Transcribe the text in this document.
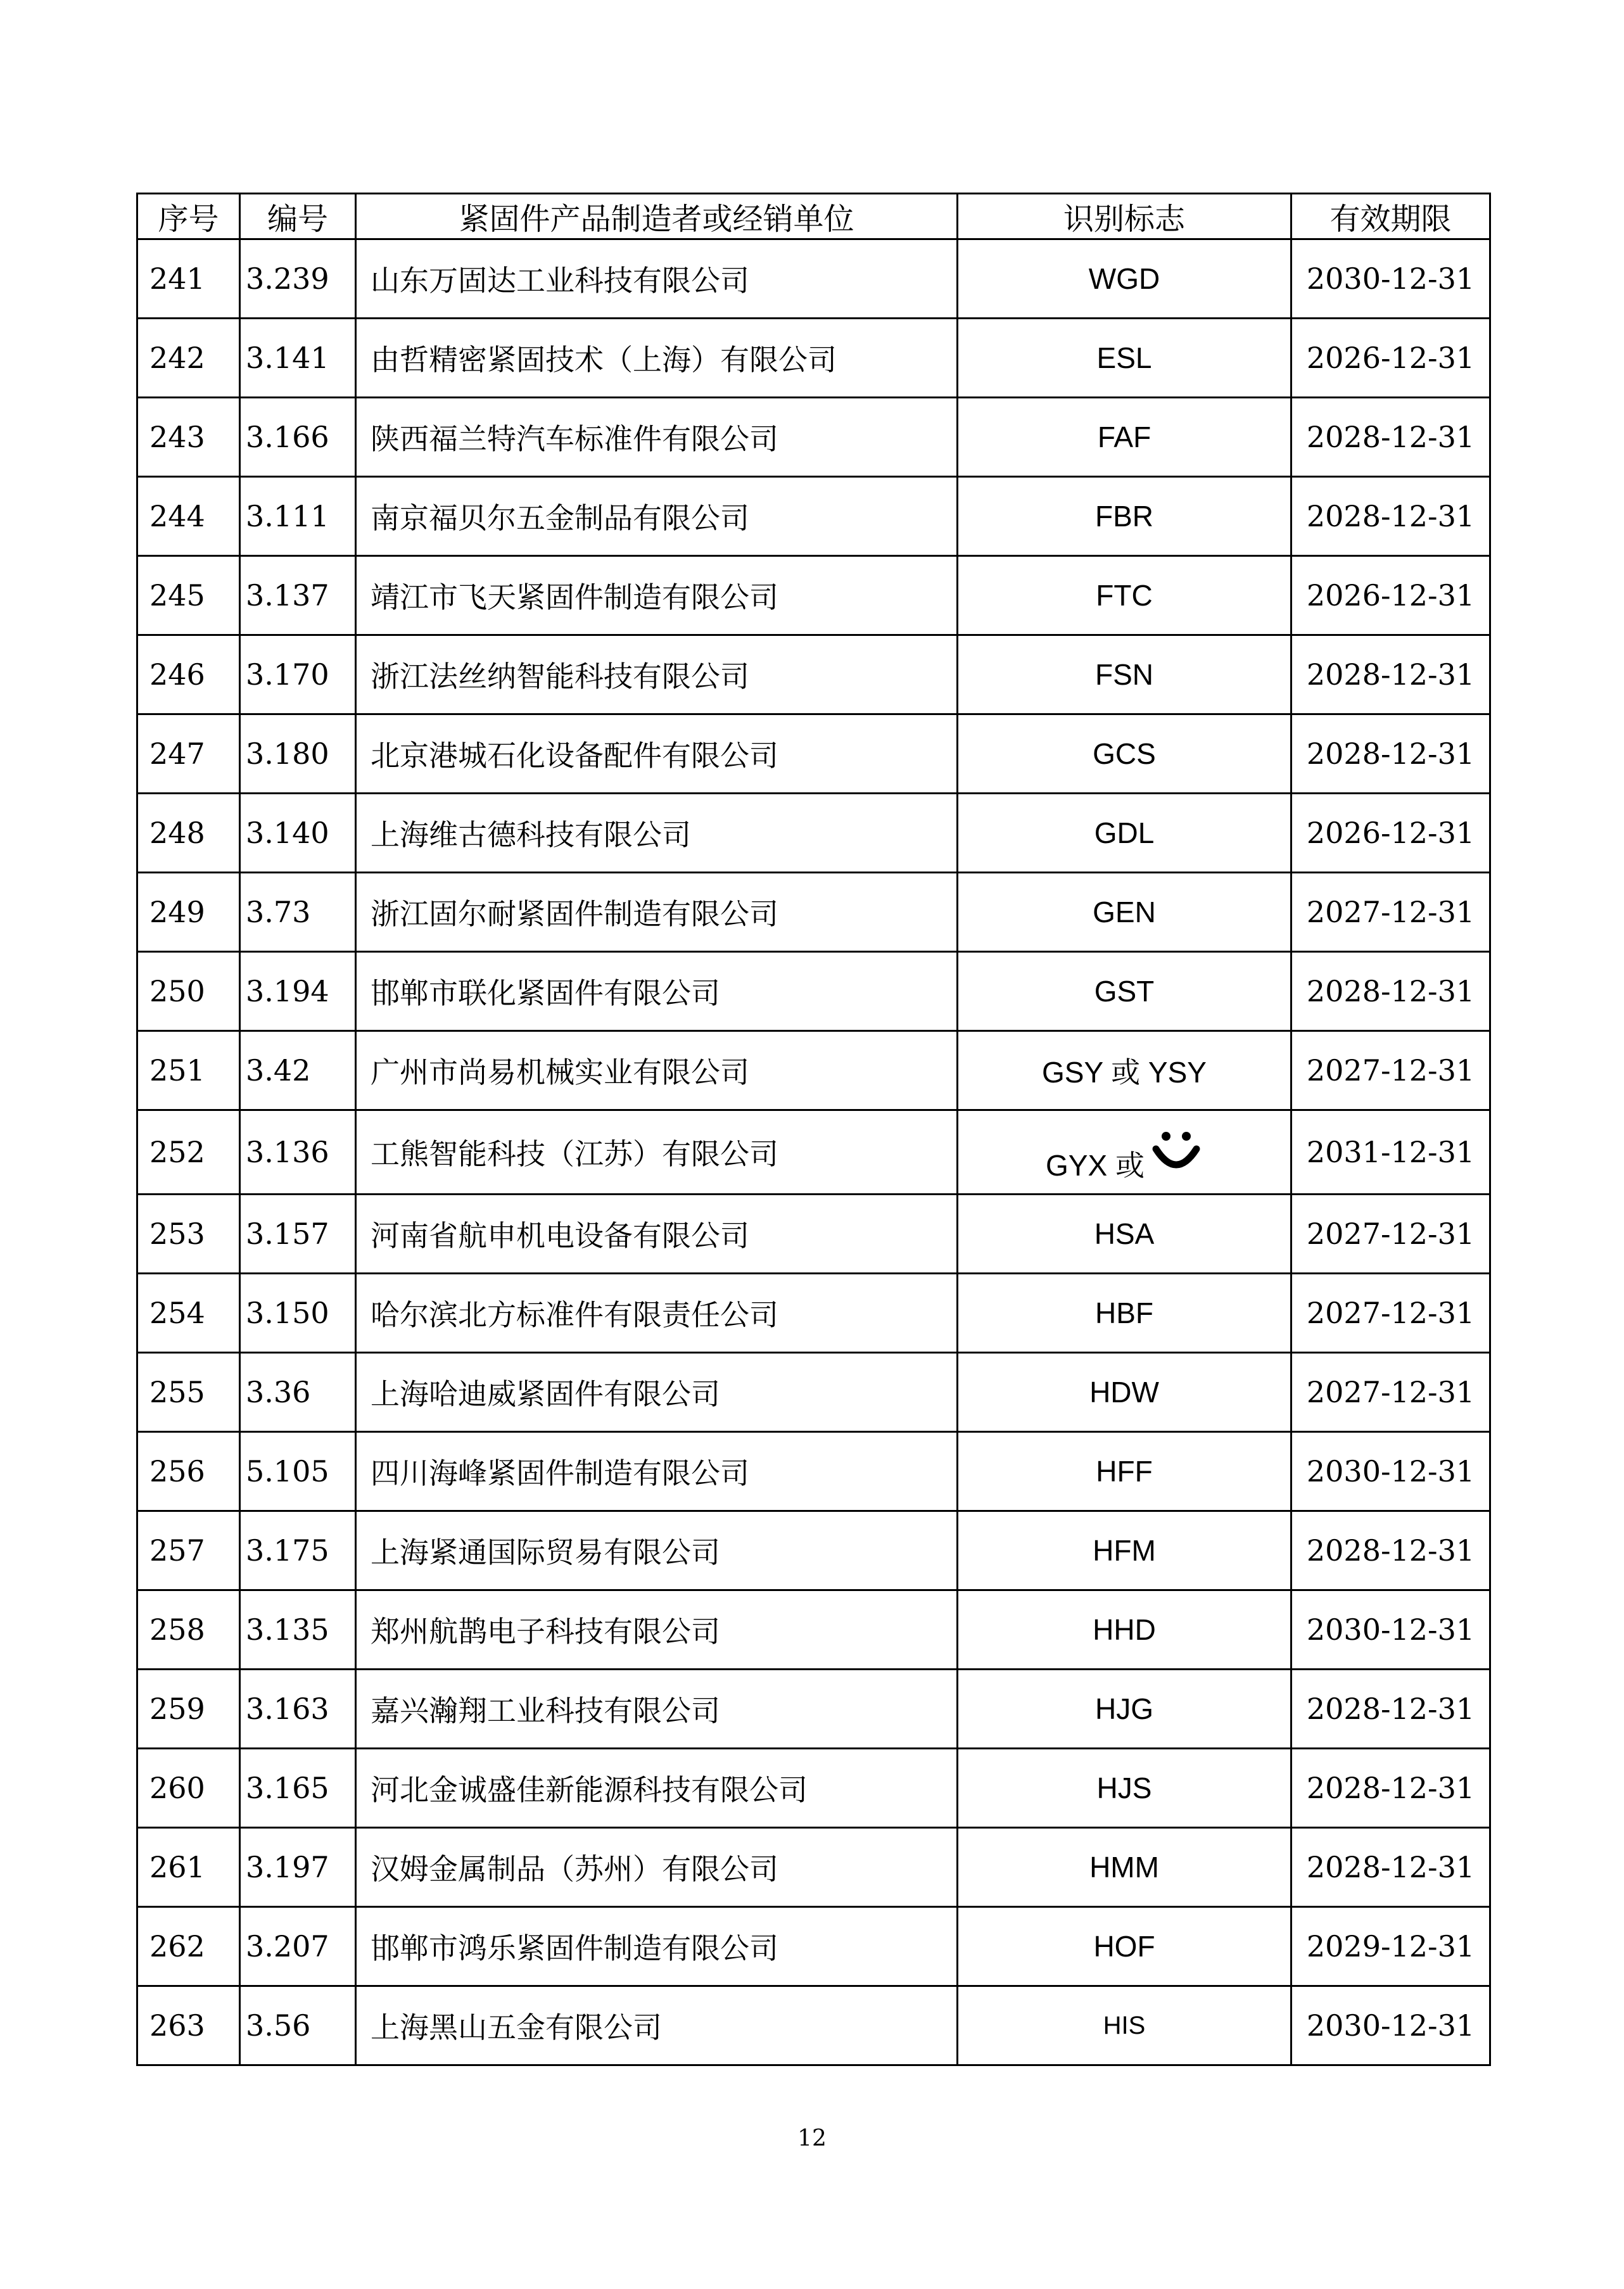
序号	编号	紧固件产品制造者或经销单位	识别标志	有效期限
241	3.239	山东万固达工业科技有限公司	WGD	2030-12-31
242	3.141	由哲精密紧固技术（上海）有限公司	ESL	2026-12-31
243	3.166	陕西福兰特汽车标准件有限公司	FAF	2028-12-31
244	3.111	南京福贝尔五金制品有限公司	FBR	2028-12-31
245	3.137	靖江市飞天紧固件制造有限公司	FTC	2026-12-31
246	3.170	浙江法丝纳智能科技有限公司	FSN	2028-12-31
247	3.180	北京港城石化设备配件有限公司	GCS	2028-12-31
248	3.140	上海维古德科技有限公司	GDL	2026-12-31
249	3.73	浙江固尔耐紧固件制造有限公司	GEN	2027-12-31
250	3.194	邯郸市联化紧固件有限公司	GST	2028-12-31
251	3.42	广州市尚易机械实业有限公司	GSY 或 YSY	2027-12-31
252	3.136	工熊智能科技（江苏）有限公司	GYX 或	2031-12-31
253	3.157	河南省航申机电设备有限公司	HSA	2027-12-31
254	3.150	哈尔滨北方标准件有限责任公司	HBF	2027-12-31
255	3.36	上海哈迪威紧固件有限公司	HDW	2027-12-31
256	5.105	四川海峰紧固件制造有限公司	HFF	2030-12-31
257	3.175	上海紧通国际贸易有限公司	HFM	2028-12-31
258	3.135	郑州航鹊电子科技有限公司	HHD	2030-12-31
259	3.163	嘉兴瀚翔工业科技有限公司	HJG	2028-12-31
260	3.165	河北金诚盛佳新能源科技有限公司	HJS	2028-12-31
261	3.197	汉姆金属制品（苏州）有限公司	HMM	2028-12-31
262	3.207	邯郸市鸿乐紧固件制造有限公司	HOF	2029-12-31
263	3.56	上海黑山五金有限公司	HIS	2030-12-31
12
